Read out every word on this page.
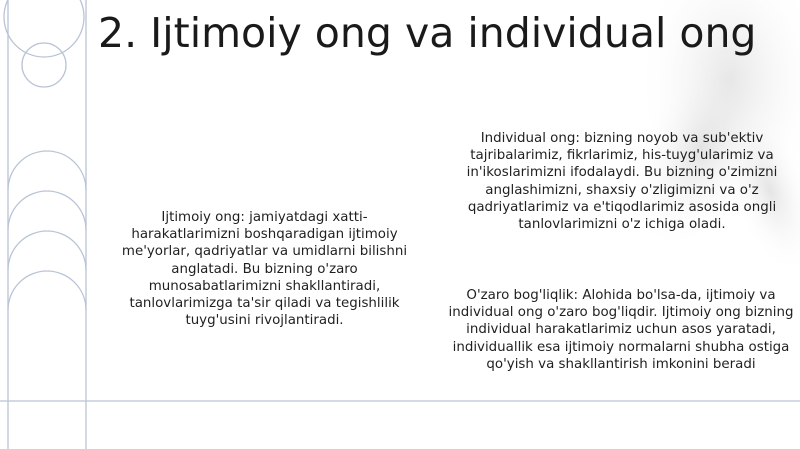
2. Ijtimoiy ong va individual ong

Ijtimoiy ong: jamiyatdagi xatti-harakatlarimizni boshqaradigan ijtimoiy me'yorlar, qadriyatlar va umidlarni bilishni anglatadi. Bu bizning o'zaro munosabatlarimizni shakllantiradi, tanlovlarimizga ta'sir qiladi va tegishlilik tuyg'usini rivojlantiradi.

Individual ong: bizning noyob va sub'ektiv tajribalarimiz, fikrlarimiz, his-tuyg'ularimiz va in'ikoslarimizni ifodalaydi. Bu bizning o'zimizni anglashimizni, shaxsiy o'zligimizni va o'z qadriyatlarimiz va e'tiqodlarimiz asosida ongli tanlovlarimizni o'z ichiga oladi.

O'zaro bog'liqlik: Alohida bo'lsa-da, ijtimoiy va individual ong o'zaro bog'liqdir. Ijtimoiy ong bizning individual harakatlarimiz uchun asos yaratadi, individuallik esa ijtimoiy normalarni shubha ostiga qo'yish va shakllantirish imkonini beradi
